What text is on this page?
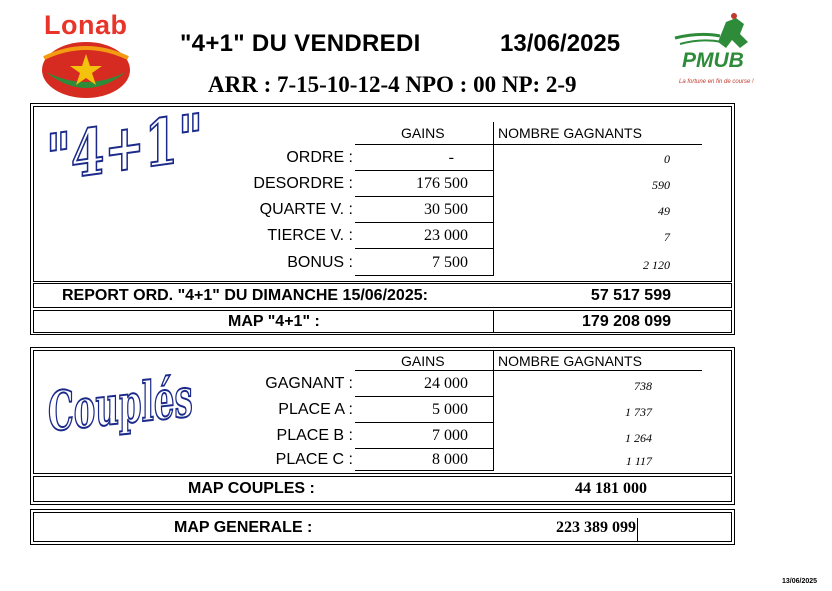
Lonab
"4+1" DU VENDREDI	13/06/2025
ARR : 7-15-10-12-4 NPO : 00 NP: 2-9
PMUB
La fortune en fin de course !
"4+1"	GAINS	NOMBRE GAGNANTS
ORDRE :	-	0
DESORDRE :	176 500	590
QUARTE V. :	30 500	49
TIERCE V. :	23 000	7
BONUS :	7 500	2 120
REPORT ORD. "4+1" DU DIMANCHE 15/06/2025:	57 517 599
MAP "4+1" :	179 208 099
Couplés
GAINS	NOMBRE GAGNANTS
GAGNANT :	24 000	738
PLACE A :	5 000	1 737
PLACE B :	7 000	1 264
PLACE C :	8 000	1 117
MAP COUPLES :	44 181 000
MAP GENERALE :	223 389 099
13/06/2025
